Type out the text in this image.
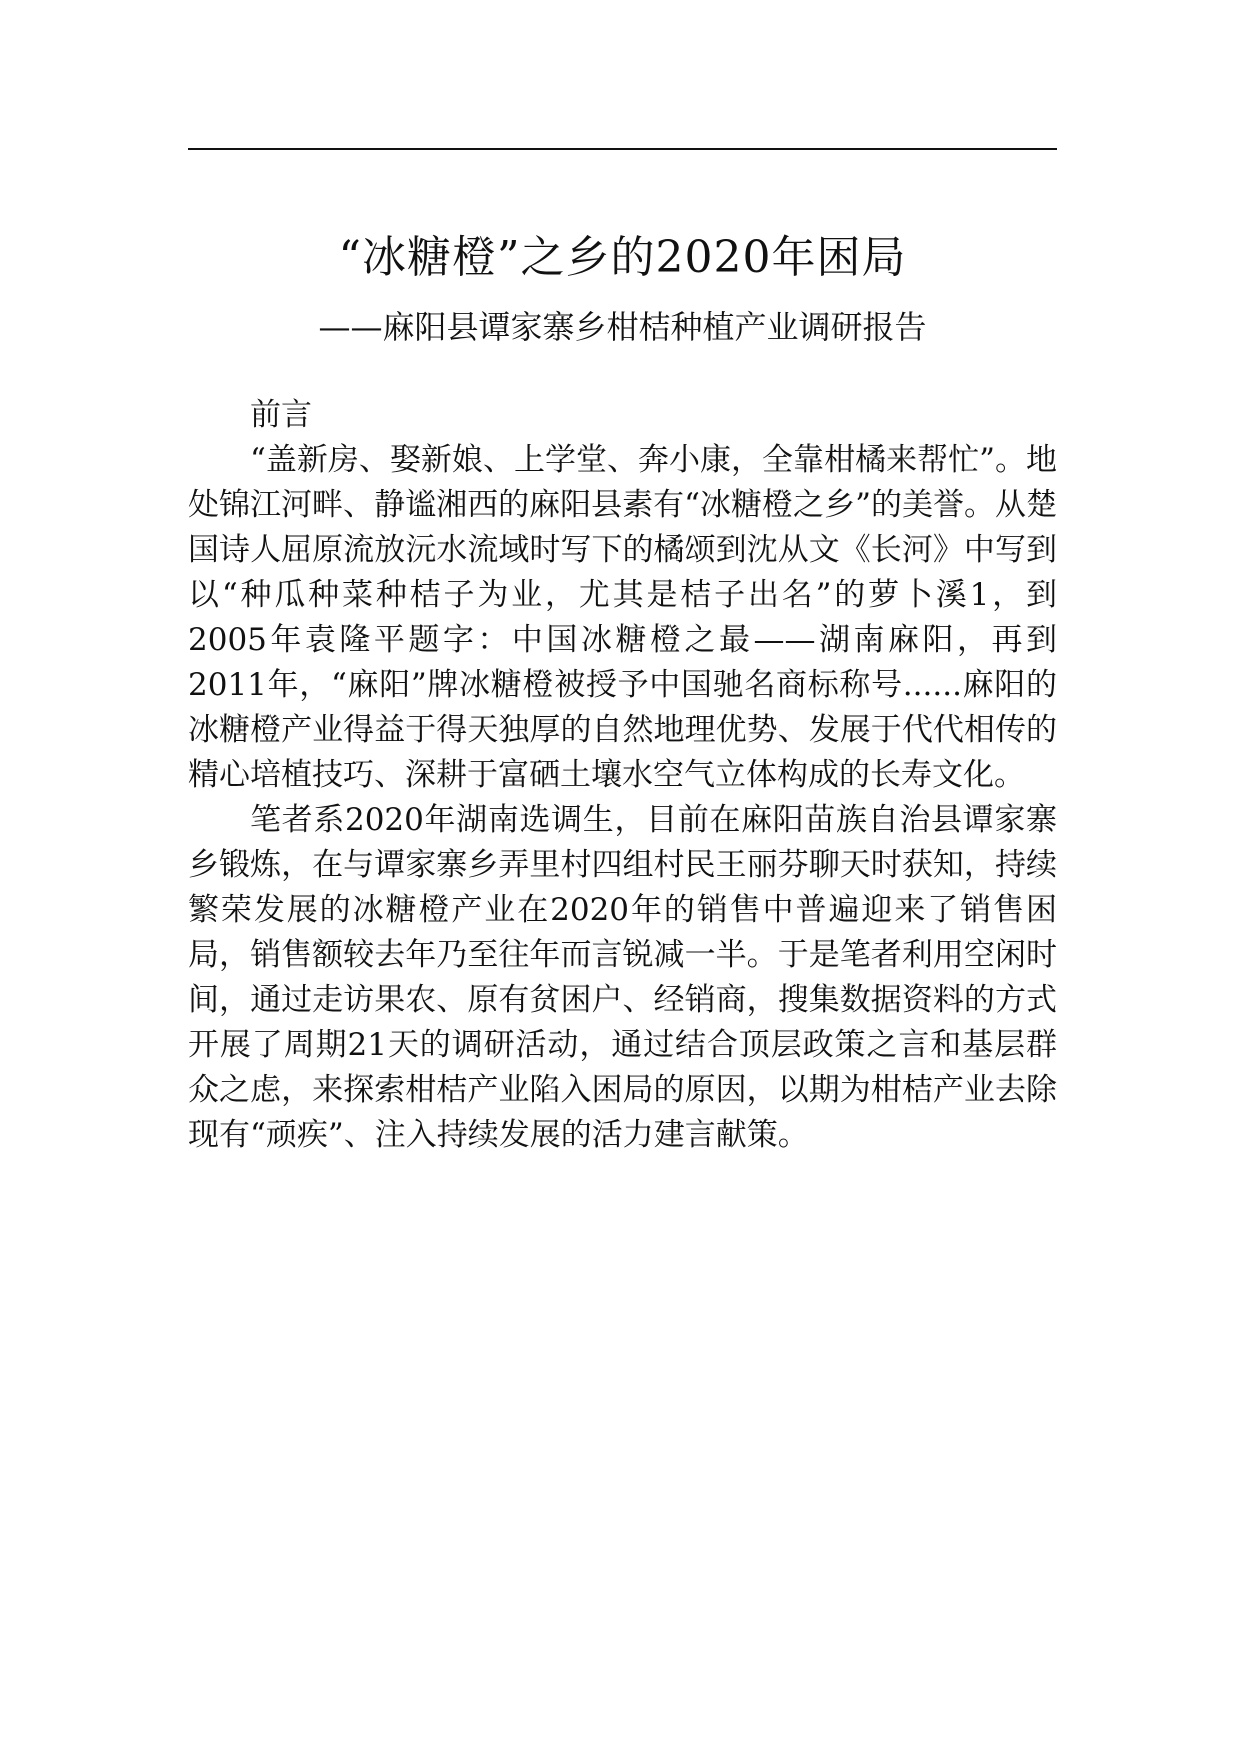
“冰糖橙”之乡的2020年困局
——麻阳县谭家寨乡柑桔种植产业调研报告

前言

“盖新房、娶新娘、上学堂、奔小康，全靠柑橘来帮忙”。地处锦江河畔、静谧湘西的麻阳县素有“冰糖橙之乡”的美誉。从楚国诗人屈原流放沅水流域时写下的橘颂到沈从文《长河》中写到以“种瓜种菜种桔子为业，尤其是桔子出名”的萝卜溪1，到2005年袁隆平题字：中国冰糖橙之最——湖南麻阳，再到2011年，“麻阳”牌冰糖橙被授予中国驰名商标称号......麻阳的冰糖橙产业得益于得天独厚的自然地理优势、发展于代代相传的精心培植技巧、深耕于富硒土壤水空气立体构成的长寿文化。

笔者系2020年湖南选调生，目前在麻阳苗族自治县谭家寨乡锻炼，在与谭家寨乡弄里村四组村民王丽芬聊天时获知，持续繁荣发展的冰糖橙产业在2020年的销售中普遍迎来了销售困局，销售额较去年乃至往年而言锐减一半。于是笔者利用空闲时间，通过走访果农、原有贫困户、经销商，搜集数据资料的方式开展了周期21天的调研活动，通过结合顶层政策之言和基层群众之虑，来探索柑桔产业陷入困局的原因，以期为柑桔产业去除现有“顽疾”、注入持续发展的活力建言献策。
